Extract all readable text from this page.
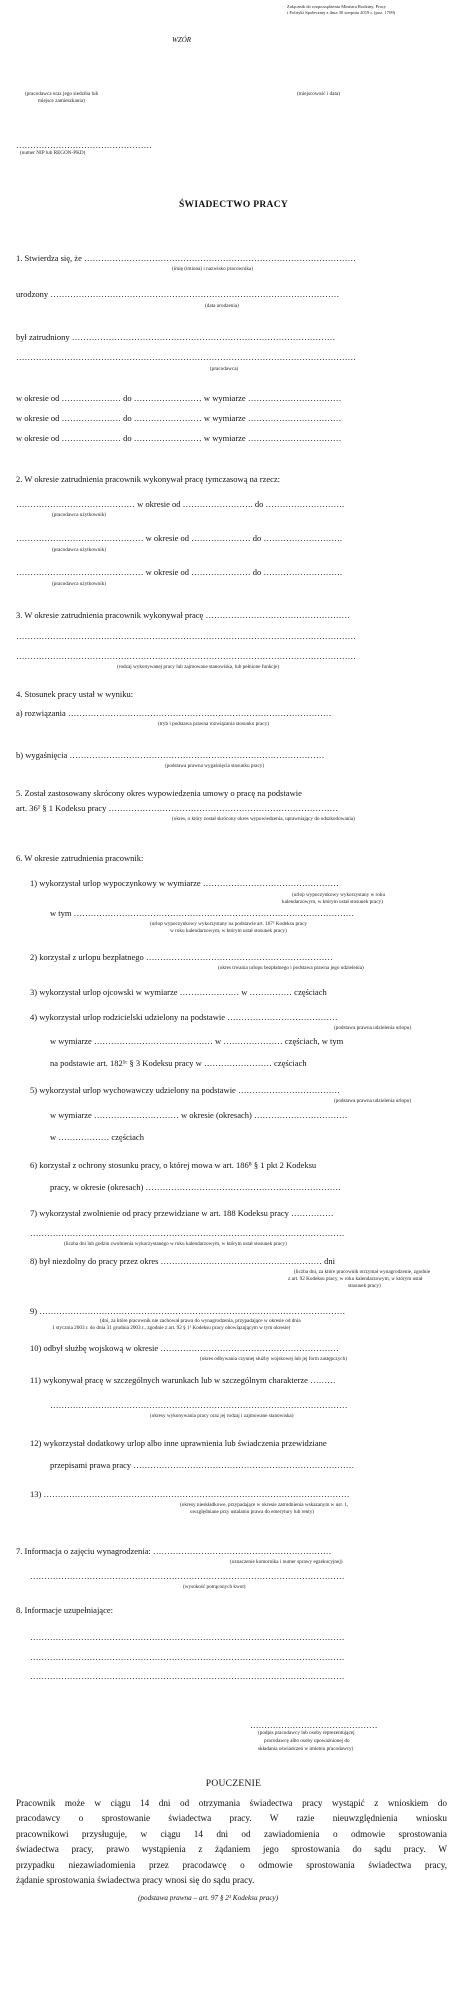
Załącznik do rozporządzenia Ministra Rodziny, Pracy
i Polityki Społecznej z dnia 30 sierpnia 2019 r. (poz. 1709)
WZÓR
(pracodawca oraz jego siedziba lub
miejsce zamieszkania)
(miejscowość i data)
…………………………………………
(numer NIP lub REGON-PKD)
ŚWIADECTWO PRACY
1. Stwierdza się, że ……………………………………………………………………………………
(imię (imiona) i nazwisko pracownika)
urodzony …………………………………………………………………………………………
(data urodzenia)
był zatrudniony …………………………………………………………………………………
…………………………………………………………………………………………………………
(pracodawca)
w okresie od ………………… do …………………… w wymiarze ……………………………
w okresie od ………………… do …………………… w wymiarze ……………………………
w okresie od ………………… do …………………… w wymiarze ……………………………
2. W okresie zatrudnienia pracownik wykonywał pracę tymczasową na rzecz:
…………………………………… w okresie od ……………………. do ……………………….
(pracodawca użytkownik)
……………………………………… w okresie od ………………… do ……………………….
(pracodawca użytkownik)
……………………………………… w okresie od ………………… do ……………………….
(pracodawca użytkownik)
3. W okresie zatrudnienia pracownik wykonywał pracę ……………………………………………
…………………………………………………………………………………………………………
…………………………………………………………………………………………………………
(rodzaj wykonywanej pracy lub zajmowane stanowiska, lub pełnione funkcje)
4. Stosunek pracy ustał w wyniku:
a) rozwiązania …………………………………………………………………………………
(tryb i podstawa prawna rozwiązania stosunku pracy)
b) wygaśnięcia ………………………………………………………………………………
(podstawa prawna wygaśnięcia stosunku pracy)
5. Został zastosowany skrócony okres wypowiedzenia umowy o pracę na podstawie
art. 36¹ § 1 Kodeksu pracy ………………………………………………………………………
(okres, o który został skrócony okres wypowiedzenia, uprawniający do odszkodowania)
6. W okresie zatrudnienia pracownik:
1) wykorzystał urlop wypoczynkowy w wymiarze …………………………………………
(urlop wypoczynkowy wykorzystany w roku
kalendarzowym, w którym ustał stosunek pracy)
w tym ………………………………………………………………………………………
(urlop wypoczynkowy wykorzystany na podstawie art. 167² Kodeksu pracy
w roku kalendarzowym, w którym ustał stosunek pracy)
2) korzystał z urlopu bezpłatnego …………………………………………………………
(okres trwania urlopu bezpłatnego i podstawa prawna jego udzielenia)
3) wykorzystał urlop ojcowski w wymiarze ………………… w …………… częściach
4) wykorzystał urlop rodzicielski udzielony na podstawie …………………………………
(podstawa prawna udzielenia urlopu)
w wymiarze …………………………………… w ………………… częściach, w tym
na podstawie art. 182¹ᶜ § 3 Kodeksu pracy w …………………… częściach
5) wykorzystał urlop wychowawczy udzielony na podstawie ………………………………
(podstawa prawna udzielenia urlopu)
w wymiarze ………………………… w okresie (okresach) ……………………………
w ……………… częściach
6) korzystał z ochrony stosunku pracy, o której mowa w art. 186⁸ § 1 pkt 2 Kodeksu
pracy, w okresie (okresach) ……………………………………………………………
7) wykorzystał zwolnienie od pracy przewidziane w art. 188 Kodeksu pracy ……………
…………………………………………………………………………………………………
(liczba dni lub godzin zwolnienia wykorzystanego w roku kalendarzowym, w którym ustał stosunek pracy)
8) był niezdolny do pracy przez okres ………………………………………………… dni
(liczba dni, za które pracownik otrzymał wynagrodzenie, zgodnie
z art. 92 Kodeksu pracy, w roku kalendarzowym, w którym ustał
stosunek pracy)
9) ………………………………………………………………………………………………
(dni, za które pracownik nie zachował prawa do wynagrodzenia, przypadające w okresie od dnia
1 stycznia 2003 r. do dnia 31 grudnia 2003 r., zgodnie z art. 92 § 1¹ Kodeksu pracy obowiązującym w tym okresie)
10) odbył służbę wojskową w okresie ………………………………………………………
(okres odbywania czynnej służby wojskowej lub jej form zastępczych)
11) wykonywał pracę w szczególnych warunkach lub w szczególnym charakterze ………
……………………………………………………………………………………………
(okresy wykonywania pracy oraz jej rodzaj i zajmowane stanowiska)
12) wykorzystał dodatkowy urlop albo inne uprawnienia lub świadczenia przewidziane
przepisami prawa pracy ……………………………………………………………………
13) ………………………………………………………………………………………………
(okresy nieskładkowe, przypadające w okresie zatrudnienia wskazanym w ust. 1,
uwzględniane przy ustalaniu prawa do emerytury lub renty)
7. Informacja o zajęciu wynagrodzenia: ………………………………………………………
(oznaczenie komornika i numer sprawy egzekucyjnej)
…………………………………………………………………………………………………
(wysokość potrąconych kwot)
8. Informacje uzupełniające:
…………………………………………………………………………………………………
…………………………………………………………………………………………………
…………………………………………………………………………………………………
………………………………………
(podpis pracodawcy lub osoby reprezentującej
pracodawcę albo osoby upoważnionej do
składania oświadczeń w imieniu pracodawcy)
POUCZENIE
Pracownik może w ciągu 14 dni od otrzymania świadectwa pracy wystąpić z wnioskiem do
pracodawcy o sprostowanie świadectwa pracy. W razie nieuwzględnienia wniosku
pracownikowi przysługuje, w ciągu 14 dni od zawiadomienia o odmowie sprostowania
świadectwa pracy, prawo wystąpienia z żądaniem jego sprostowania do sądu pracy. W
przypadku niezawiadomienia przez pracodawcę o odmowie sprostowania świadectwa pracy,
żądanie sprostowania świadectwa pracy wnosi się do sądu pracy.
(podstawa prawna – art. 97 § 2¹ Kodeksu pracy)
